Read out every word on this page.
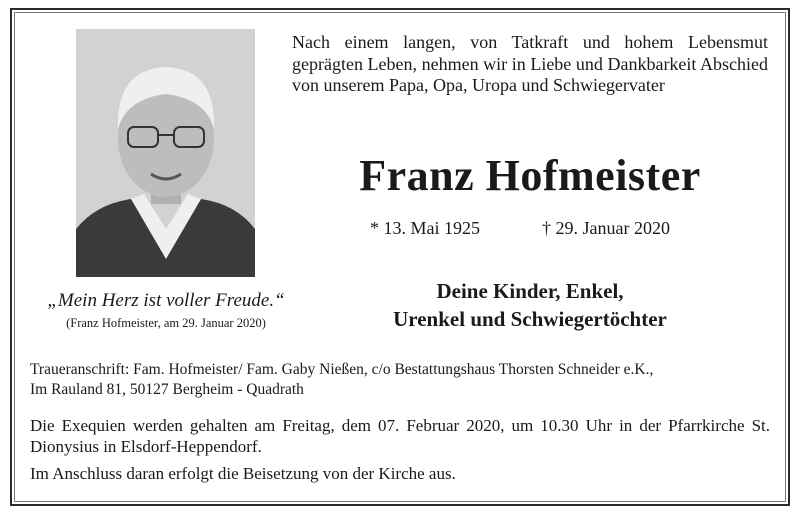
Nach einem langen, von Tatkraft und hohem Lebensmut geprägten Leben, nehmen wir in Liebe und Dankbarkeit Abschied von unserem Papa, Opa, Uropa und Schwiegervater
Franz Hofmeister
* 13. Mai 1925	† 29. Januar 2020
Deine Kinder, Enkel,
Urenkel und Schwiegertöchter
„Mein Herz ist voller Freude.“
(Franz Hofmeister, am 29. Januar 2020)
Traueranschrift: Fam. Hofmeister/ Fam. Gaby Nießen, c/o Bestattungshaus Thorsten Schneider e.K.,
Im Rauland 81, 50127 Bergheim - Quadrath
Die Exequien werden gehalten am Freitag, dem 07. Februar 2020, um 10.30 Uhr in der Pfarrkirche St. Dionysius in Elsdorf-Heppendorf.
Im Anschluss daran erfolgt die Beisetzung von der Kirche aus.
